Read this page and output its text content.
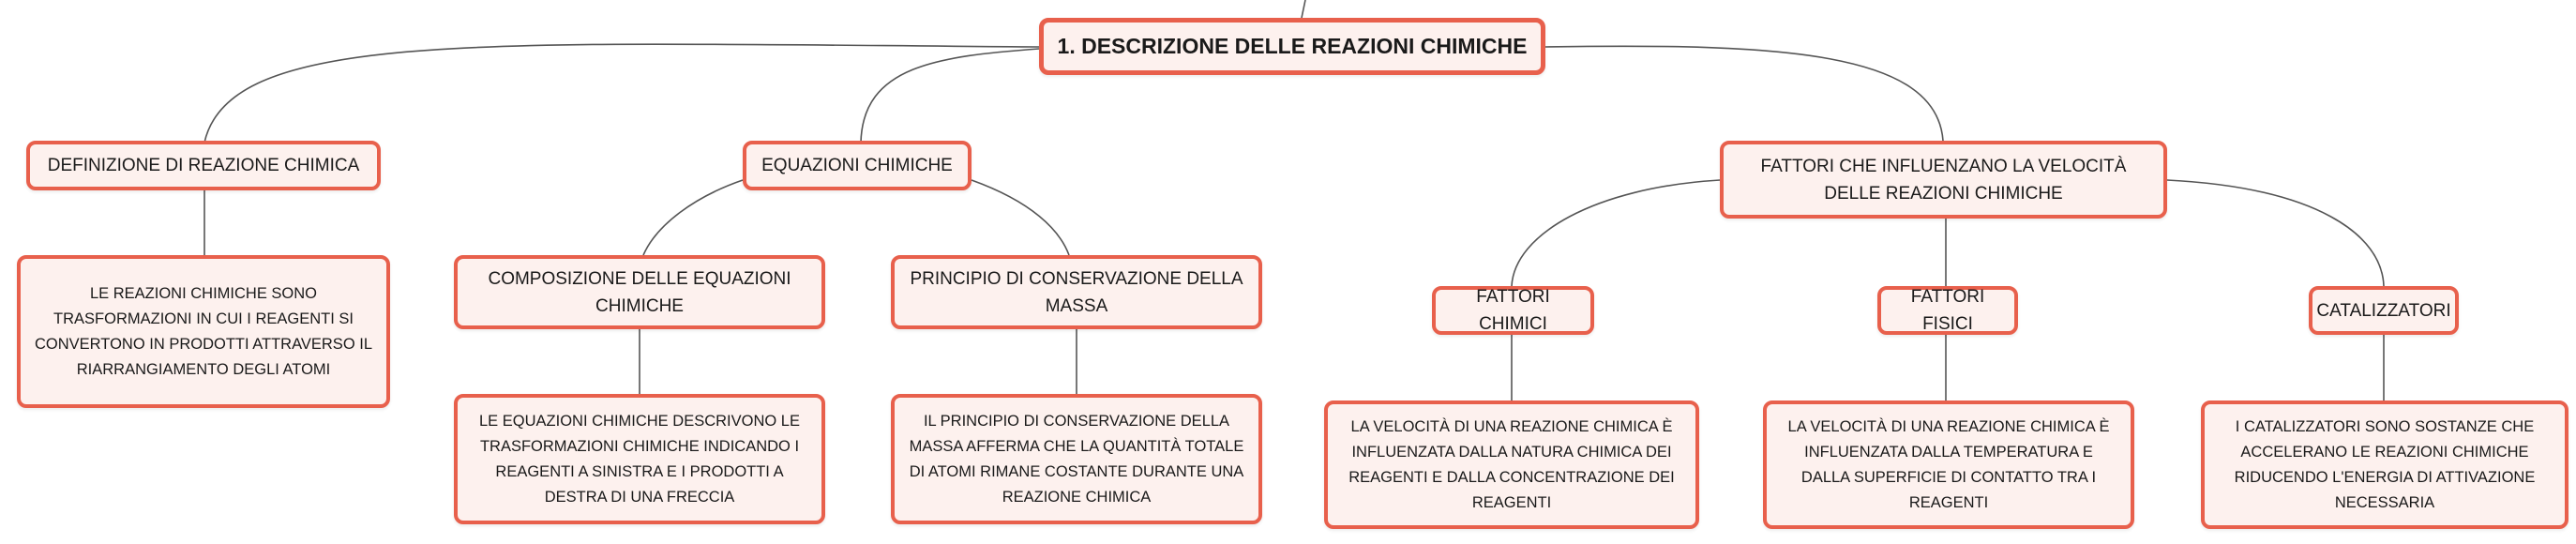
1. DESCRIZIONE DELLE REAZIONI CHIMICHE
DEFINIZIONE DI REAZIONE CHIMICA
LE REAZIONI CHIMICHE SONO TRASFORMAZIONI IN CUI I REAGENTI SI CONVERTONO IN PRODOTTI ATTRAVERSO IL RIARRANGIAMENTO DEGLI ATOMI
EQUAZIONI CHIMICHE
COMPOSIZIONE DELLE EQUAZIONI CHIMICHE
PRINCIPIO DI CONSERVAZIONE DELLA MASSA
LE EQUAZIONI CHIMICHE DESCRIVONO LE TRASFORMAZIONI CHIMICHE INDICANDO I REAGENTI A SINISTRA E I PRODOTTI A DESTRA DI UNA FRECCIA
IL PRINCIPIO DI CONSERVAZIONE DELLA MASSA AFFERMA CHE LA QUANTITÀ TOTALE DI ATOMI RIMANE COSTANTE DURANTE UNA REAZIONE CHIMICA
FATTORI CHE INFLUENZANO LA VELOCITÀ DELLE REAZIONI CHIMICHE
FATTORI CHIMICI
FATTORI FISICI
CATALIZZATORI
LA VELOCITÀ DI UNA REAZIONE CHIMICA È INFLUENZATA DALLA NATURA CHIMICA DEI REAGENTI E DALLA CONCENTRAZIONE DEI REAGENTI
LA VELOCITÀ DI UNA REAZIONE CHIMICA È INFLUENZATA DALLA TEMPERATURA E DALLA SUPERFICIE DI CONTATTO TRA I REAGENTI
I CATALIZZATORI SONO SOSTANZE CHE ACCELERANO LE REAZIONI CHIMICHE RIDUCENDO L'ENERGIA DI ATTIVAZIONE NECESSARIA
